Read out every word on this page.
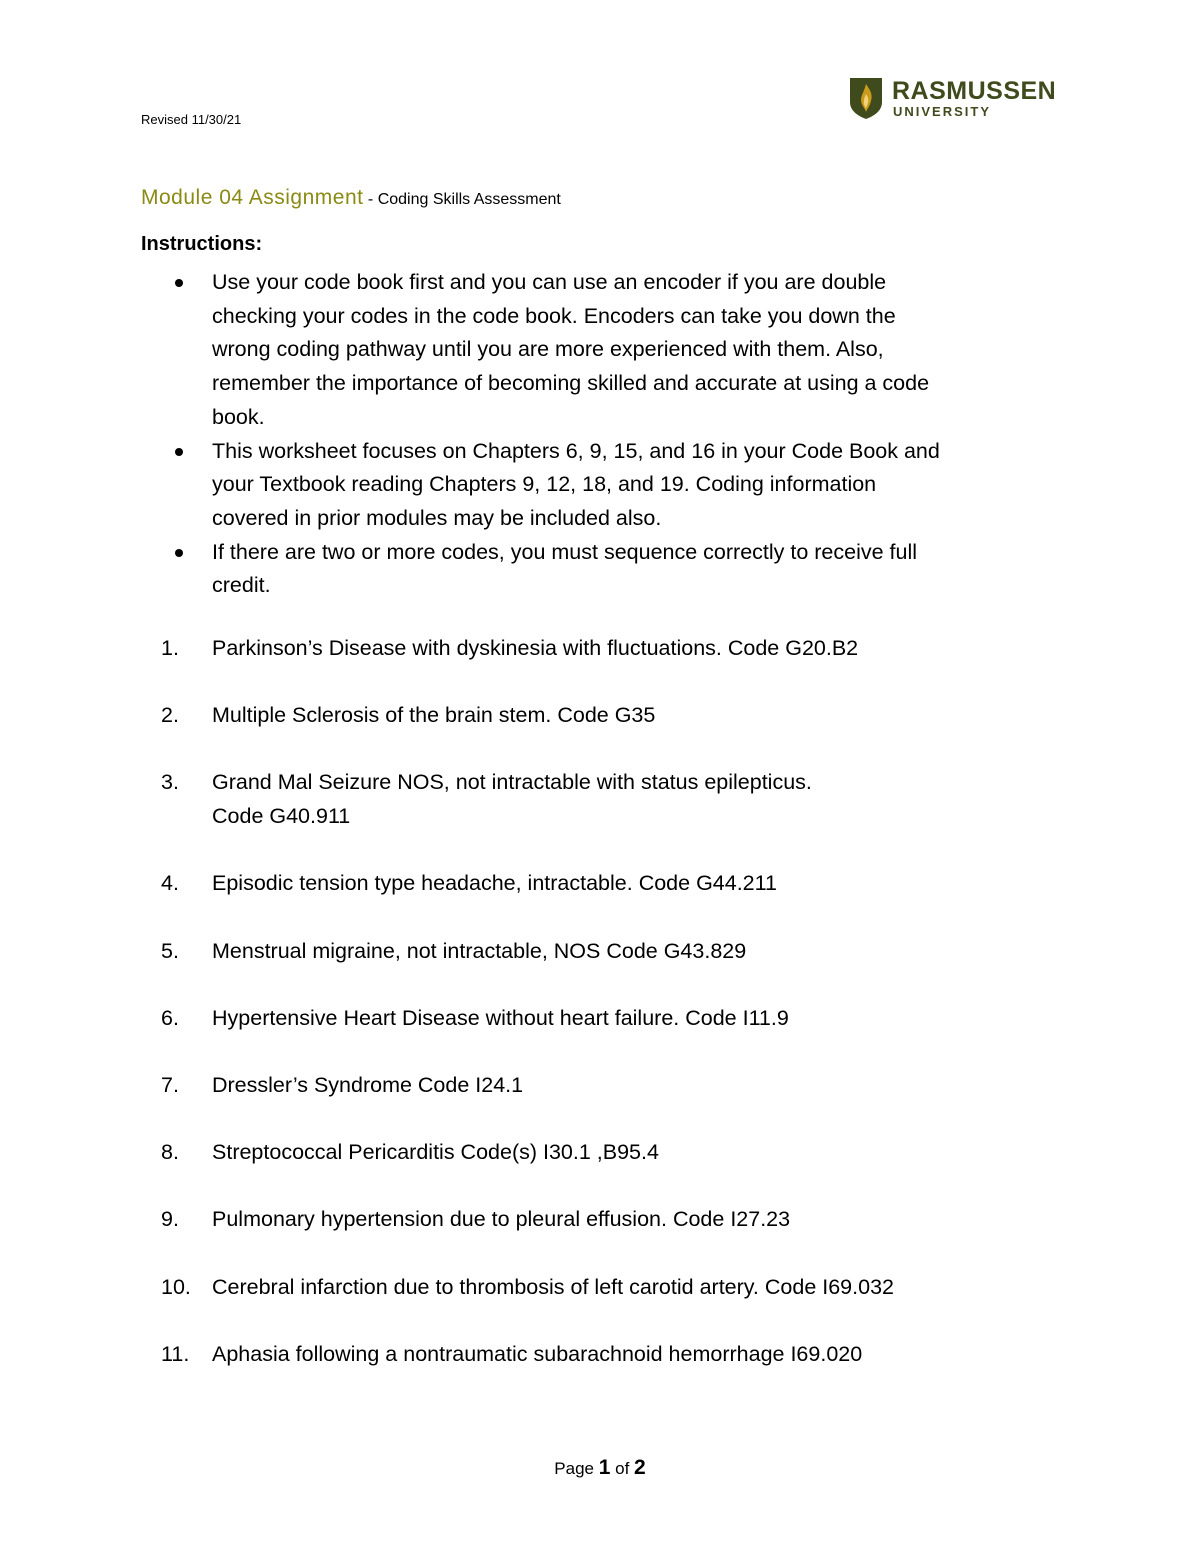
Revised 11/30/21
RASMUSSEN
UNIVERSITY
Module 04 Assignment - Coding Skills Assessment
Instructions:
Use your code book first and you can use an encoder if you are double
checking your codes in the code book. Encoders can take you down the
wrong coding pathway until you are more experienced with them. Also,
remember the importance of becoming skilled and accurate at using a code
book.
This worksheet focuses on Chapters 6, 9, 15, and 16 in your Code Book and
your Textbook reading Chapters 9, 12, 18, and 19. Coding information
covered in prior modules may be included also.
If there are two or more codes, you must sequence correctly to receive full
credit.
1. Parkinson’s Disease with dyskinesia with fluctuations. Code G20.B2
2. Multiple Sclerosis of the brain stem. Code G35
3. Grand Mal Seizure NOS, not intractable with status epilepticus.
Code G40.911
4. Episodic tension type headache, intractable. Code G44.211
5. Menstrual migraine, not intractable, NOS Code G43.829
6. Hypertensive Heart Disease without heart failure. Code I11.9
7. Dressler’s Syndrome Code I24.1
8. Streptococcal Pericarditis Code(s) I30.1 ,B95.4
9. Pulmonary hypertension due to pleural effusion. Code I27.23
10. Cerebral infarction due to thrombosis of left carotid artery. Code I69.032
11. Aphasia following a nontraumatic subarachnoid hemorrhage I69.020
Page 1 of 2
